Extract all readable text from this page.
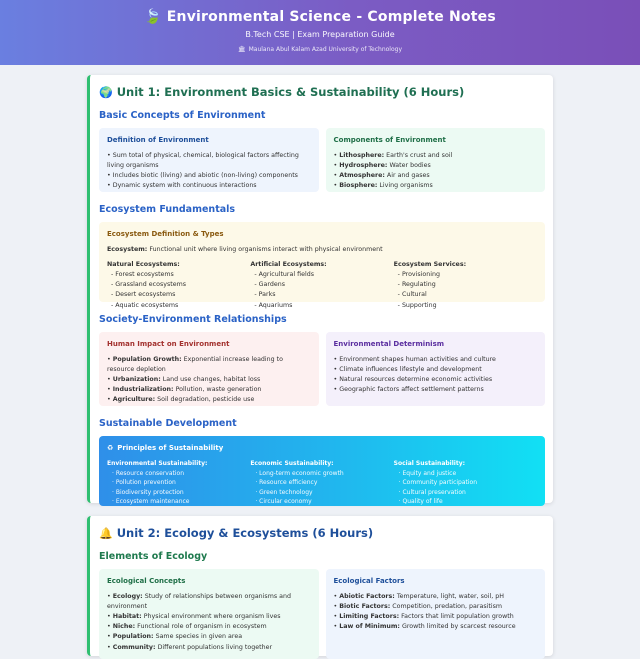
🍃 Environmental Science - Complete Notes
B.Tech CSE | Exam Preparation Guide
🏛 Maulana Abul Kalam Azad University of Technology
🌍 Unit 1: Environment Basics & Sustainability (6 Hours)
Basic Concepts of Environment
Definition of Environment
• Sum total of physical, chemical, biological factors affecting living organisms
• Includes biotic (living) and abiotic (non-living) components
• Dynamic system with continuous interactions
Components of Environment
• Lithosphere: Earth's crust and soil
• Hydrosphere: Water bodies
• Atmosphere: Air and gases
• Biosphere: Living organisms
Ecosystem Fundamentals
Ecosystem Definition & Types
Ecosystem: Functional unit where living organisms interact with physical environment
Natural Ecosystems:
- Forest ecosystems
- Grassland ecosystems
- Desert ecosystems
- Aquatic ecosystems
Artificial Ecosystems:
- Agricultural fields
- Gardens
- Parks
- Aquariums
Ecosystem Services:
- Provisioning
- Regulating
- Cultural
- Supporting
Society-Environment Relationships
Human Impact on Environment
• Population Growth: Exponential increase leading to resource depletion
• Urbanization: Land use changes, habitat loss
• Industrialization: Pollution, waste generation
• Agriculture: Soil degradation, pesticide use
Environmental Determinism
• Environment shapes human activities and culture
• Climate influences lifestyle and development
• Natural resources determine economic activities
• Geographic factors affect settlement patterns
Sustainable Development
♻ Principles of Sustainability
Environmental Sustainability:
· Resource conservation
· Pollution prevention
· Biodiversity protection
· Ecosystem maintenance
Economic Sustainability:
· Long-term economic growth
· Resource efficiency
· Green technology
· Circular economy
Social Sustainability:
· Equity and justice
· Community participation
· Cultural preservation
· Quality of life
🔔 Unit 2: Ecology & Ecosystems (6 Hours)
Elements of Ecology
Ecological Concepts
• Ecology: Study of relationships between organisms and environment
• Habitat: Physical environment where organism lives
• Niche: Functional role of organism in ecosystem
• Population: Same species in given area
• Community: Different populations living together
Ecological Factors
• Abiotic Factors: Temperature, light, water, soil, pH
• Biotic Factors: Competition, predation, parasitism
• Limiting Factors: Factors that limit population growth
• Law of Minimum: Growth limited by scarcest resource
